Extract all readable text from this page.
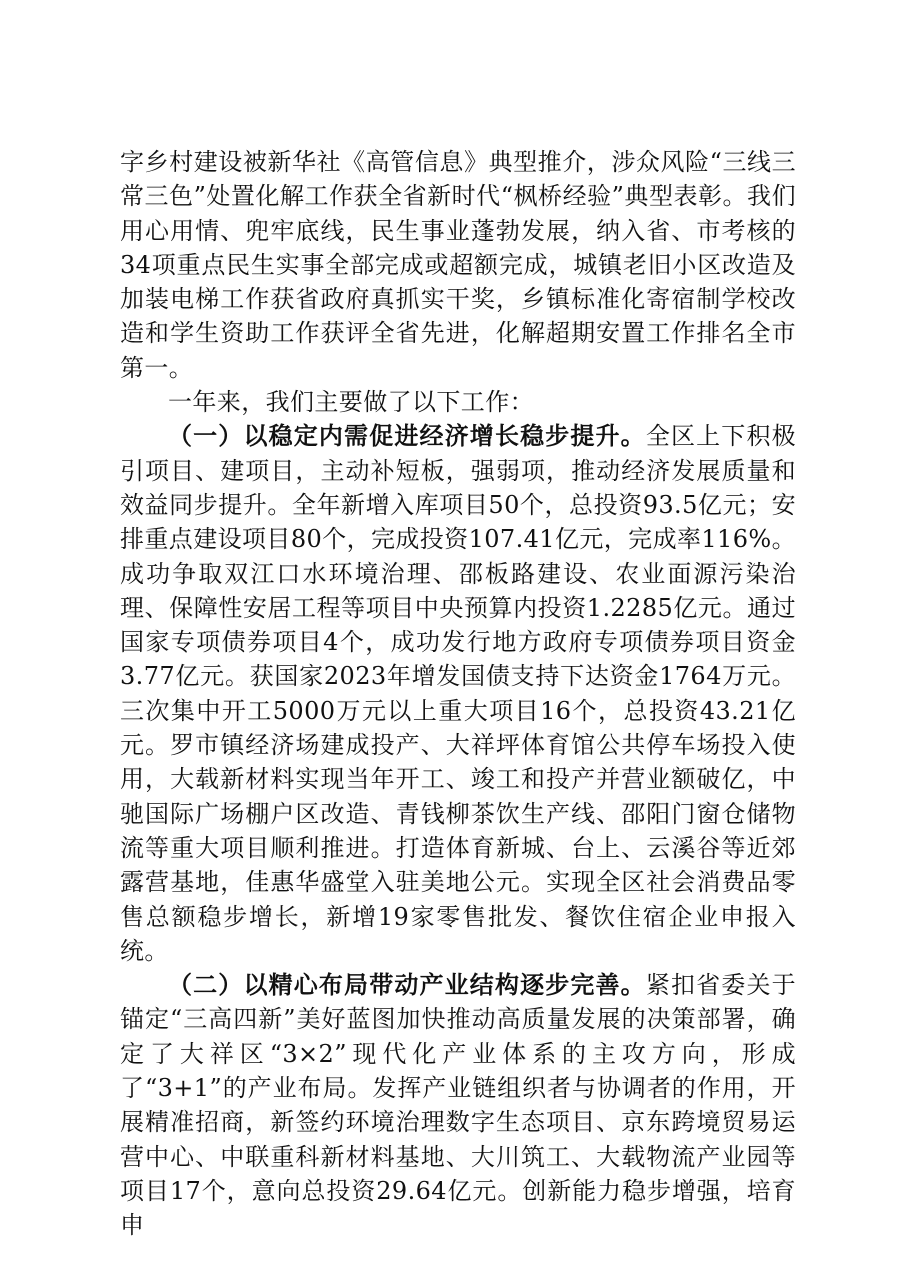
字乡村建设被新华社《高管信息》典型推介，涉众风险“三线三常三色”处置化解工作获全省新时代“枫桥经验”典型表彰。我们用心用情、兜牢底线，民生事业蓬勃发展，纳入省、市考核的34项重点民生实事全部完成或超额完成，城镇老旧小区改造及加装电梯工作获省政府真抓实干奖，乡镇标准化寄宿制学校改造和学生资助工作获评全省先进，化解超期安置工作排名全市第一。

一年来，我们主要做了以下工作：

（一）以稳定内需促进经济增长稳步提升。全区上下积极引项目、建项目，主动补短板，强弱项，推动经济发展质量和效益同步提升。全年新增入库项目50个，总投资93.5亿元；安排重点建设项目80个，完成投资107.41亿元，完成率116%。成功争取双江口水环境治理、邵板路建设、农业面源污染治理、保障性安居工程等项目中央预算内投资1.2285亿元。通过国家专项债券项目4个，成功发行地方政府专项债券项目资金3.77亿元。获国家2023年增发国债支持下达资金1764万元。三次集中开工5000万元以上重大项目16个，总投资43.21亿元。罗市镇经济场建成投产、大祥坪体育馆公共停车场投入使用，大载新材料实现当年开工、竣工和投产并营业额破亿，中驰国际广场棚户区改造、青钱柳茶饮生产线、邵阳门窗仓储物流等重大项目顺利推进。打造体育新城、台上、云溪谷等近郊露营基地，佳惠华盛堂入驻美地公元。实现全区社会消费品零售总额稳步增长，新增19家零售批发、餐饮住宿企业申报入统。

（二）以精心布局带动产业结构逐步完善。紧扣省委关于锚定“三高四新”美好蓝图加快推动高质量发展的决策部署，确定了大祥区“3×2”现代化产业体系的主攻方向，形成了“3+1”的产业布局。发挥产业链组织者与协调者的作用，开展精准招商，新签约环境治理数字生态项目、京东跨境贸易运营中心、中联重科新材料基地、大川筑工、大载物流产业园等项目17个，意向总投资29.64亿元。创新能力稳步增强，培育申
